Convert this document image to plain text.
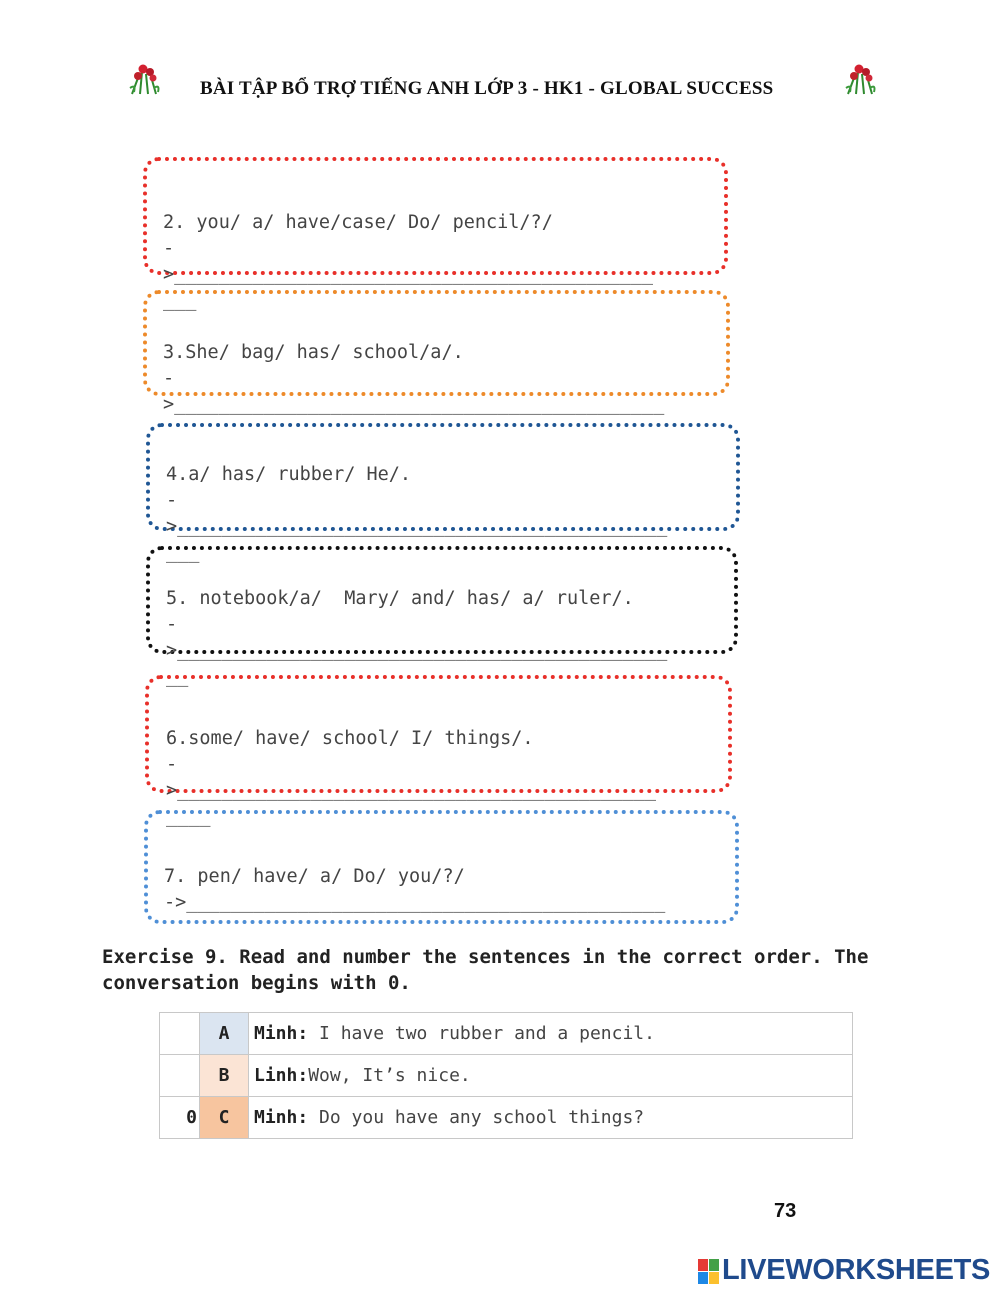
BÀI TẬP BỔ TRỢ TIẾNG ANH LỚP 3 - HK1 - GLOBAL SUCCESS

2. you/ a/ have/case/ Do/ pencil/?/
-
>___________________________________________
___

3.She/ bag/ has/ school/a/.
-
>____________________________________________

4.a/ has/ rubber/ He/.
-
>____________________________________________
___

5. notebook/a/  Mary/ and/ has/ a/ ruler/.
-
>____________________________________________
__

6.some/ have/ school/ I/ things/.
-
>___________________________________________
____

7. pen/ have/ a/ Do/ you/?/
->___________________________________________
Exercise 9. Read and number the sentences in the correct order. The conversation begins with 0.
	A	Minh: I have two rubber and a pencil.
	B	Linh:Wow, It’s nice.
0	C	Minh: Do you have any school things?
73
LIVEWORKSHEETS
